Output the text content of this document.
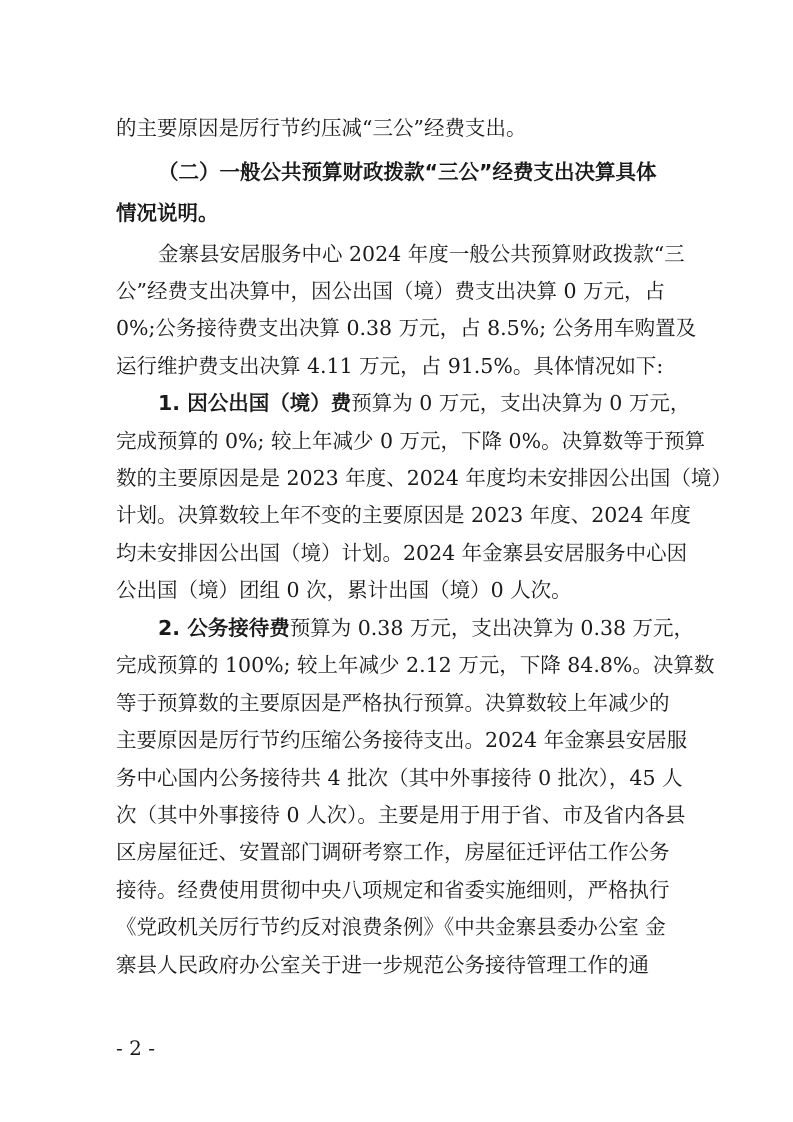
的主要原因是厉行节约压减“三公”经费支出。
（二）一般公共预算财政拨款“三公”经费支出决算具体
情况说明。
金寨县安居服务中心 2024 年度一般公共预算财政拨款“三
公”经费支出决算中，因公出国（境）费支出决算 0 万元，占
0%;公务接待费支出决算 0.38 万元，占 8.5%; 公务用车购置及
运行维护费支出决算 4.11 万元，占 91.5%。具体情况如下:
1. 因公出国（境）费预算为 0 万元，支出决算为 0 万元，
完成预算的 0%; 较上年减少 0 万元，下降 0%。决算数等于预算
数的主要原因是是 2023 年度、2024 年度均未安排因公出国（境）
计划。决算数较上年不变的主要原因是 2023 年度、2024 年度
均未安排因公出国（境）计划。2024 年金寨县安居服务中心因
公出国（境）团组 0 次，累计出国（境）0 人次。
2. 公务接待费预算为 0.38 万元，支出决算为 0.38 万元，
完成预算的 100%; 较上年减少 2.12 万元，下降 84.8%。决算数
等于预算数的主要原因是严格执行预算。决算数较上年减少的
主要原因是厉行节约压缩公务接待支出。2024 年金寨县安居服
务中心国内公务接待共 4 批次（其中外事接待 0 批次），45 人
次（其中外事接待 0 人次）。主要是用于用于省、市及省内各县
区房屋征迁、安置部门调研考察工作，房屋征迁评估工作公务
接待。经费使用贯彻中央八项规定和省委实施细则，严格执行
《党政机关厉行节约反对浪费条例》《中共金寨县委办公室 金
寨县人民政府办公室关于进一步规范公务接待管理工作的通
- 2 -
